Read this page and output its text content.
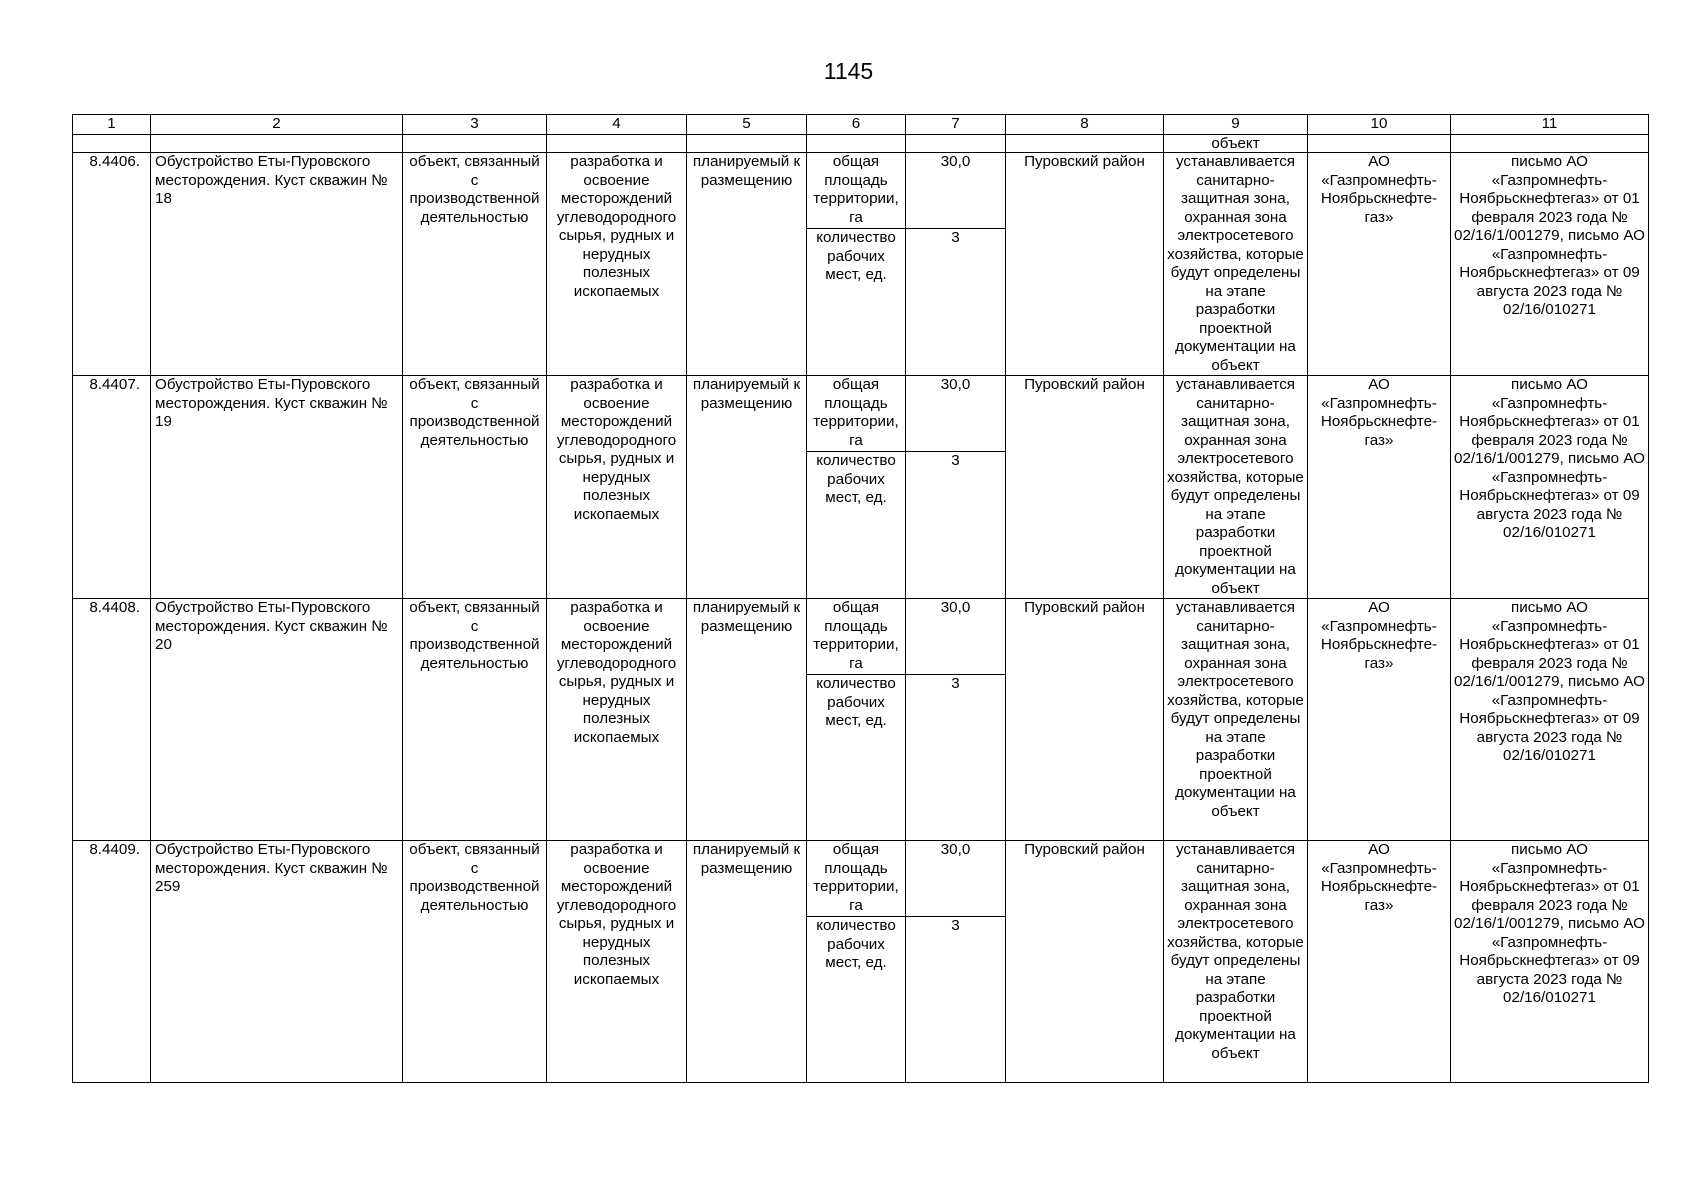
1145
1	2	3	4	5	6	7	8	9	10	11
								объект		
8.4406.	Обустройство Еты-Пуровского месторождения. Куст скважин № 18	объект, связанный с производственной деятельностью	разработка и освоение месторождений углеводородного сырья, рудных и нерудных полезных ископаемых	планируемый к размещению	общая площадь территории, га	30,0	Пуровский район	устанавливается санитарно-защитная зона, охранная зона электросетевого хозяйства, которые будут определены на этапе разработки проектной документации на объект	АО «Газпромнефть-Ноябрьскнефте-газ»	письмо АО «Газпромнефть-Ноябрьскнефтегаз» от 01 февраля 2023 года № 02/16/1/001279, письмо АО «Газпромнефть-Ноябрьскнефтегаз» от 09 августа 2023 года № 02/16/010271
					количество рабочих мест, ед.	3				
8.4407.	Обустройство Еты-Пуровского месторождения. Куст скважин № 19	объект, связанный с производственной деятельностью	разработка и освоение месторождений углеводородного сырья, рудных и нерудных полезных ископаемых	планируемый к размещению	общая площадь территории, га	30,0	Пуровский район	устанавливается санитарно-защитная зона, охранная зона электросетевого хозяйства, которые будут определены на этапе разработки проектной документации на объект	АО «Газпромнефть-Ноябрьскнефте-газ»	письмо АО «Газпромнефть-Ноябрьскнефтегаз» от 01 февраля 2023 года № 02/16/1/001279, письмо АО «Газпромнефть-Ноябрьскнефтегаз» от 09 августа 2023 года № 02/16/010271
					количество рабочих мест, ед.	3				
8.4408.	Обустройство Еты-Пуровского месторождения. Куст скважин № 20	объект, связанный с производственной деятельностью	разработка и освоение месторождений углеводородного сырья, рудных и нерудных полезных ископаемых	планируемый к размещению	общая площадь территории, га	30,0	Пуровский район	устанавливается санитарно-защитная зона, охранная зона электросетевого хозяйства, которые будут определены на этапе разработки проектной документации на объект	АО «Газпромнефть-Ноябрьскнефте-газ»	письмо АО «Газпромнефть-Ноябрьскнефтегаз» от 01 февраля 2023 года № 02/16/1/001279, письмо АО «Газпромнефть-Ноябрьскнефтегаз» от 09 августа 2023 года № 02/16/010271
					количество рабочих мест, ед.	3				
8.4409.	Обустройство Еты-Пуровского месторождения. Куст скважин № 259	объект, связанный с производственной деятельностью	разработка и освоение месторождений углеводородного сырья, рудных и нерудных полезных ископаемых	планируемый к размещению	общая площадь территории, га	30,0	Пуровский район	устанавливается санитарно-защитная зона, охранная зона электросетевого хозяйства, которые будут определены на этапе разработки проектной документации на объект	АО «Газпромнефть-Ноябрьскнефте-газ»	письмо АО «Газпромнефть-Ноябрьскнефтегаз» от 01 февраля 2023 года № 02/16/1/001279, письмо АО «Газпромнефть-Ноябрьскнефтегаз» от 09 августа 2023 года № 02/16/010271
					количество рабочих мест, ед.	3				
